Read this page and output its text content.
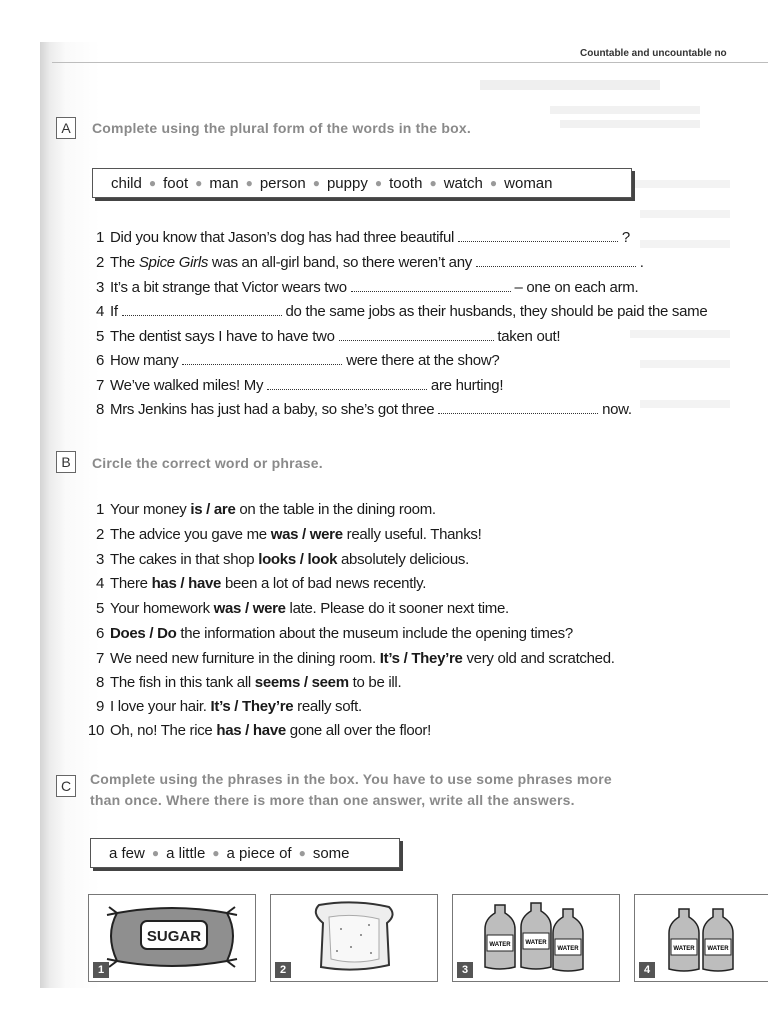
Countable and uncountable no
A	Complete using the plural form of the words in the box.
child ● foot ● man ● person ● puppy ● tooth ● watch ● woman
1 Did you know that Jason’s dog has had three beautiful	?
2 The Spice Girls was an all-girl band, so there weren’t any	.
3 It’s a bit strange that Victor wears two	– one on each arm.
4 If	do the same jobs as their husbands, they should be paid the same
5 The dentist says I have to have two	taken out!
6 How many	were there at the show?
7 We’ve walked miles! My	are hurting!
8 Mrs Jenkins has just had a baby, so she’s got three	now.
B	Circle the correct word or phrase.
1 Your money is / are on the table in the dining room.
2 The advice you gave me was / were really useful. Thanks!
3 The cakes in that shop looks / look absolutely delicious.
4 There has / have been a lot of bad news recently.
5 Your homework was / were late. Please do it sooner next time.
6 Does / Do the information about the museum include the opening times?
7 We need new furniture in the dining room. It’s / They’re very old and scratched.
8 The fish in this tank all seems / seem to be ill.
9 I love your hair. It’s / They’re really soft.
10 Oh, no! The rice has / have gone all over the floor!
C	Complete using the phrases in the box. You have to use some phrases more
than once. Where there is more than one answer, write all the answers.
a few ● a little ● a piece of ● some
SUGAR
1	2
WATER WATER
WATER
3
WATER WATER
4
